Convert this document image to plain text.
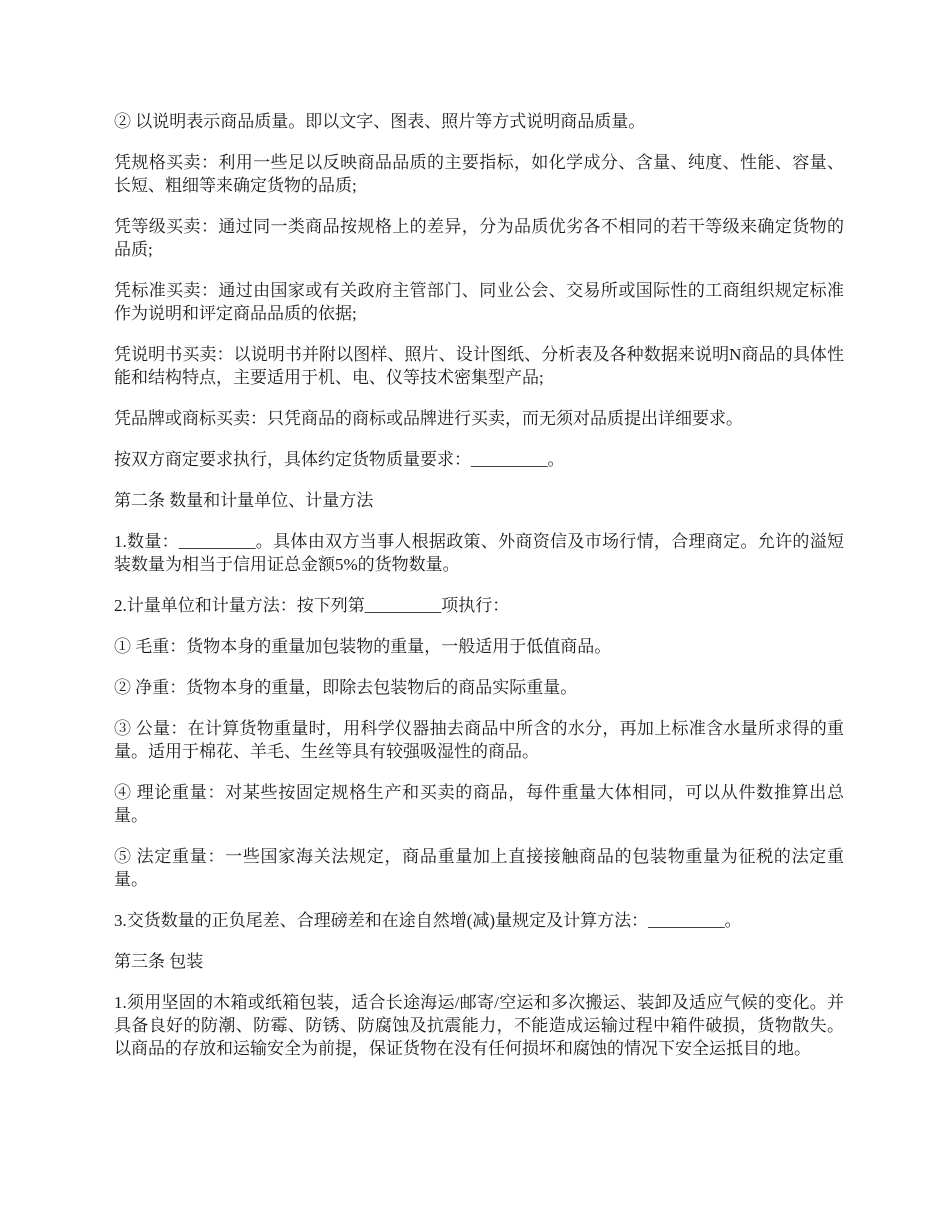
② 以说明表示商品质量。即以文字、图表、照片等方式说明商品质量。

凭规格买卖：利用一些足以反映商品品质的主要指标，如化学成分、含量、纯度、性能、容量、长短、粗细等来确定货物的品质;

凭等级买卖：通过同一类商品按规格上的差异，分为品质优劣各不相同的若干等级来确定货物的品质;

凭标准买卖：通过由国家或有关政府主管部门、同业公会、交易所或国际性的工商组织规定标准作为说明和评定商品品质的依据;

凭说明书买卖：以说明书并附以图样、照片、设计图纸、分析表及各种数据来说明N商品的具体性能和结构特点，主要适用于机、电、仪等技术密集型产品;

凭品牌或商标买卖：只凭商品的商标或品牌进行买卖，而无须对品质提出详细要求。

按双方商定要求执行，具体约定货物质量要求：_________。

第二条 数量和计量单位、计量方法

1.数量：_________。具体由双方当事人根据政策、外商资信及市场行情，合理商定。允许的溢短装数量为相当于信用证总金额5%的货物数量。

2.计量单位和计量方法：按下列第_________项执行：

① 毛重：货物本身的重量加包装物的重量，一般适用于低值商品。

② 净重：货物本身的重量，即除去包装物后的商品实际重量。

③ 公量：在计算货物重量时，用科学仪器抽去商品中所含的水分，再加上标准含水量所求得的重量。适用于棉花、羊毛、生丝等具有较强吸湿性的商品。

④ 理论重量：对某些按固定规格生产和买卖的商品，每件重量大体相同，可以从件数推算出总量。

⑤ 法定重量：一些国家海关法规定，商品重量加上直接接触商品的包装物重量为征税的法定重量。

3.交货数量的正负尾差、合理磅差和在途自然增(减)量规定及计算方法：_________。

第三条 包装

1.须用坚固的木箱或纸箱包装，适合长途海运/邮寄/空运和多次搬运、装卸及适应气候的变化。并具备良好的防潮、防霉、防锈、防腐蚀及抗震能力，不能造成运输过程中箱件破损，货物散失。以商品的存放和运输安全为前提，保证货物在没有任何损坏和腐蚀的情况下安全运抵目的地。
